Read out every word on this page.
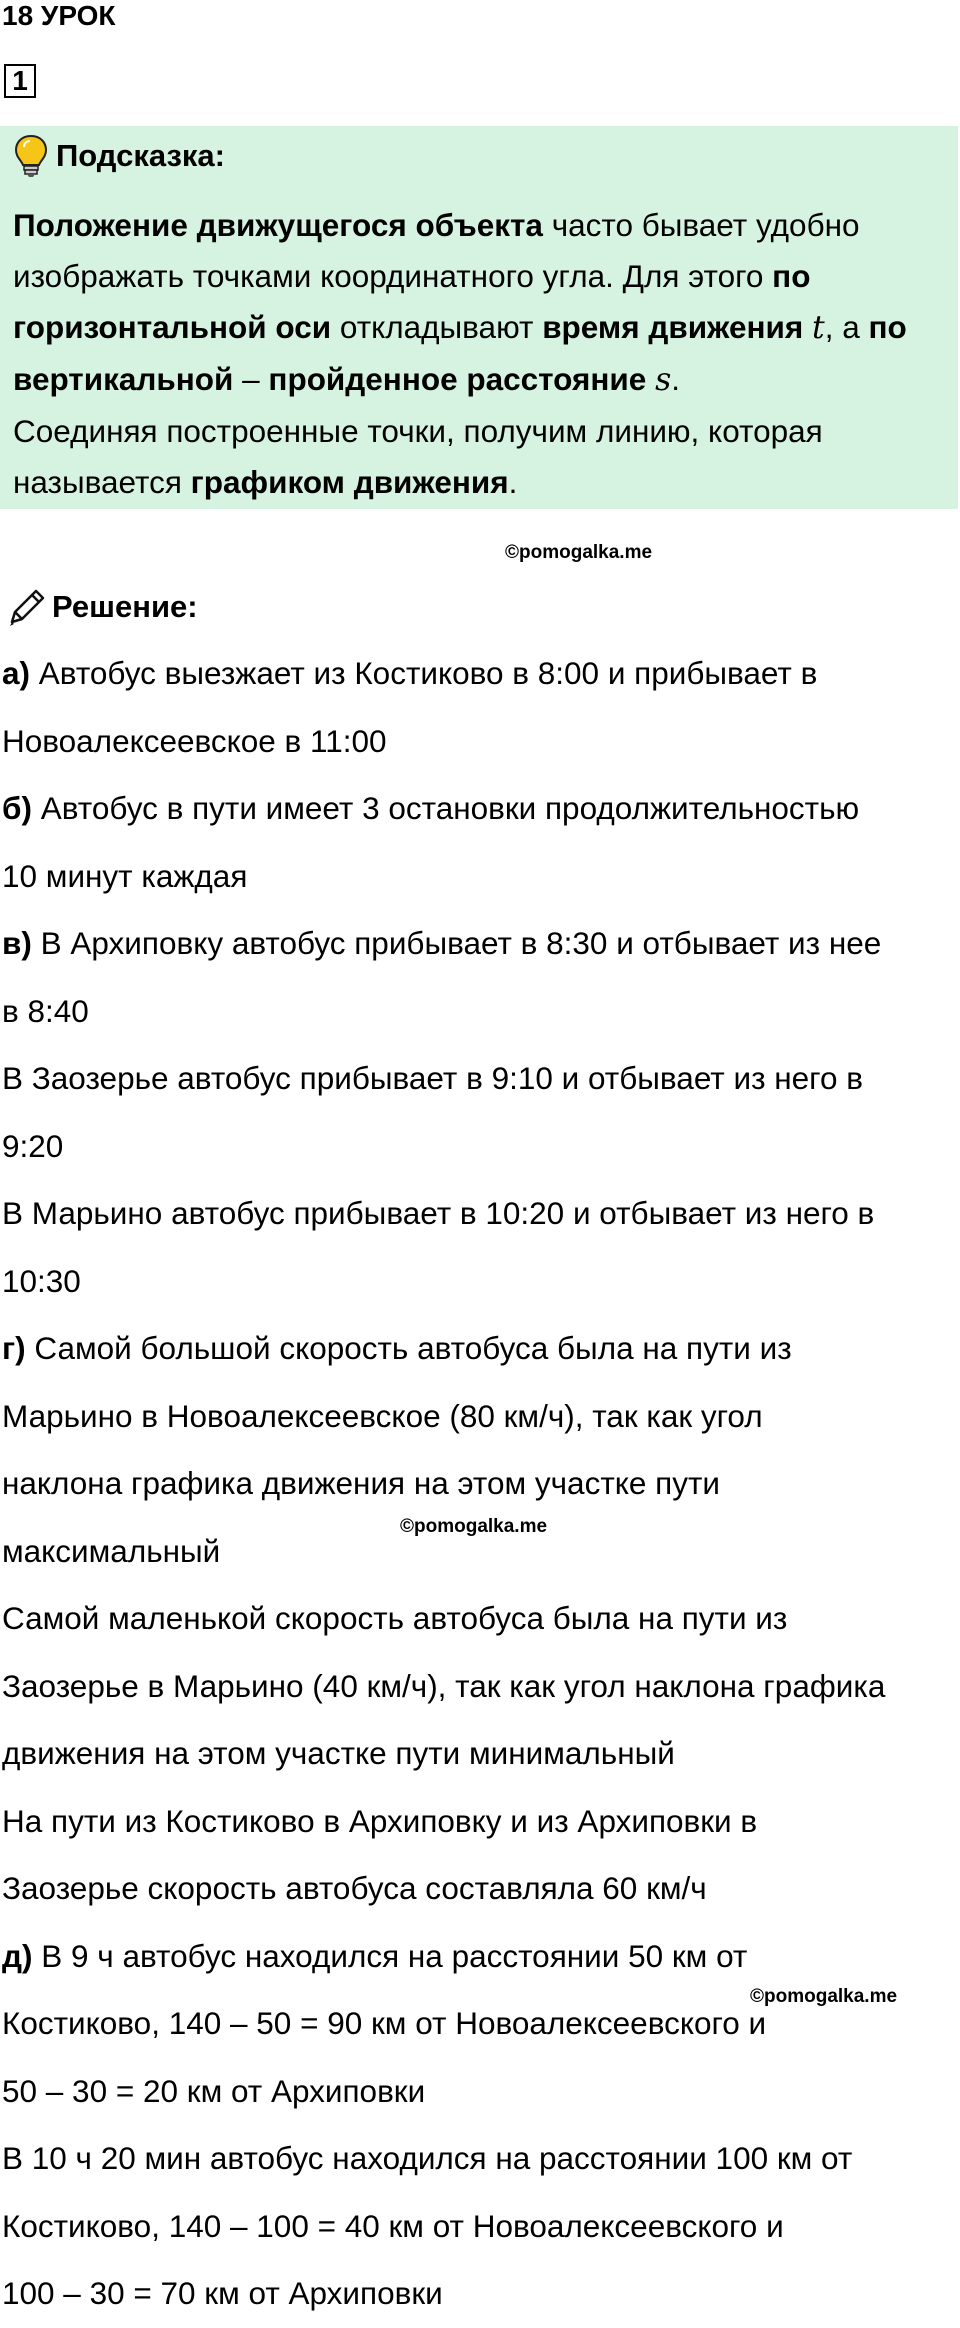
18 УРОК
1
Подсказка:
Положение движущегося объекта часто бывает удобно
изображать точками координатного угла. Для этого по
горизонтальной оси откладывают время движения t, а по
вертикальной – пройденное расстояние s.
Соединяя построенные точки, получим линию, которая
называется графиком движения.
©pomogalka.me
Решение:
а) Автобус выезжает из Костиково в 8:00 и прибывает в
Новоалексеевское в 11:00
б) Автобус в пути имеет 3 остановки продолжительностью
10 минут каждая
в) В Архиповку автобус прибывает в 8:30 и отбывает из нее
в 8:40
В Заозерье автобус прибывает в 9:10 и отбывает из него в
9:20
В Марьино автобус прибывает в 10:20 и отбывает из него в
10:30
г) Самой большой скорость автобуса была на пути из
Марьино в Новоалексеевское (80 км/ч), так как угол
наклона графика движения на этом участке пути
максимальный
Самой маленькой скорость автобуса была на пути из
Заозерье в Марьино (40 км/ч), так как угол наклона графика
движения на этом участке пути минимальный
На пути из Костиково в Архиповку и из Архиповки в
Заозерье скорость автобуса составляла 60 км/ч
д) В 9 ч автобус находился на расстоянии 50 км от
Костиково, 140 – 50 = 90 км от Новоалексеевского и
50 – 30 = 20 км от Архиповки
В 10 ч 20 мин автобус находился на расстоянии 100 км от
Костиково, 140 – 100 = 40 км от Новоалексеевского и
100 – 30 = 70 км от Архиповки
©pomogalka.me
©pomogalka.me
